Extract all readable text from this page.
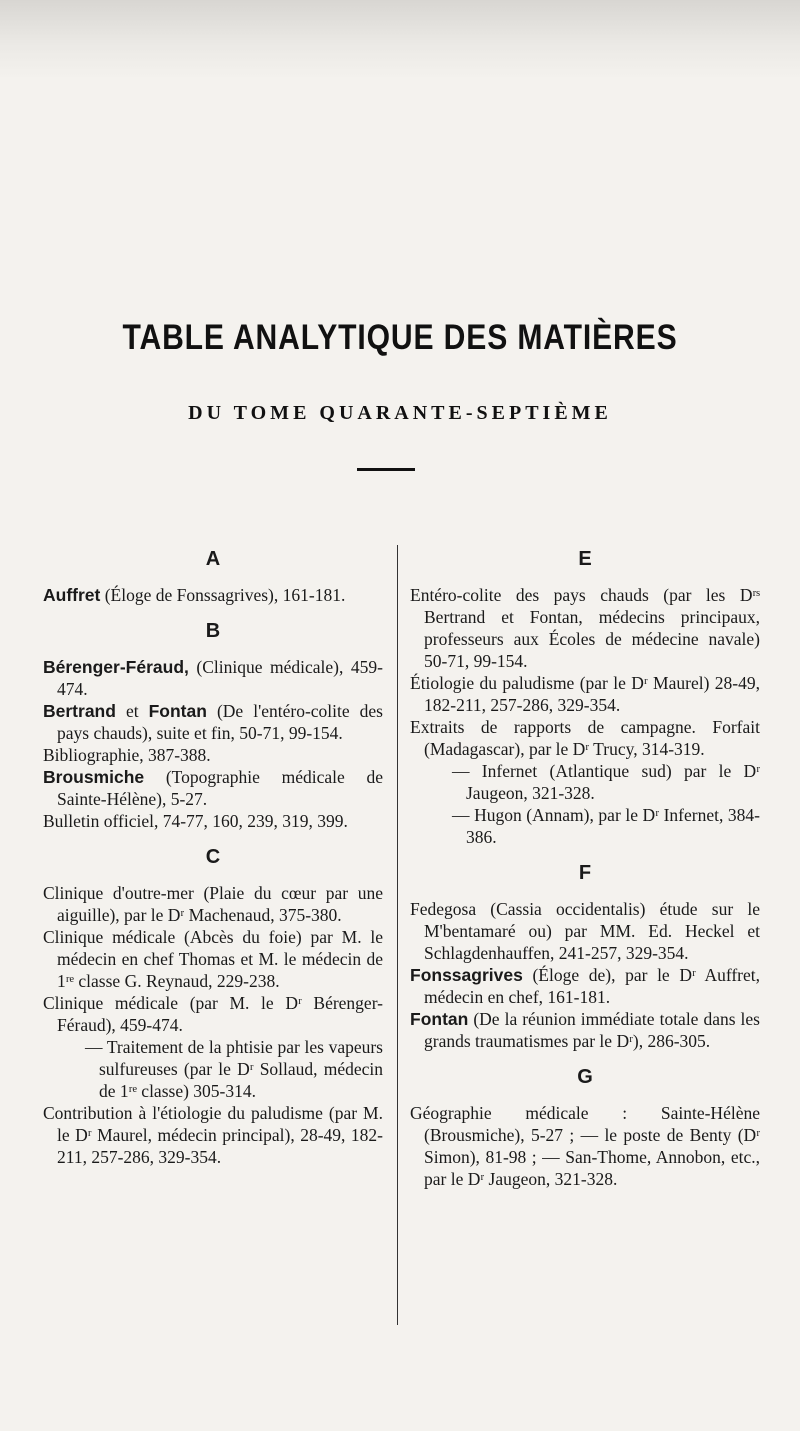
TABLE ANALYTIQUE DES MATIÈRES
DU TOME QUARANTE-SEPTIÈME
A

Auffret (Éloge de Fonssagrives), 161-181.

B

Bérenger-Féraud, (Clinique médicale), 459-474.

Bertrand et Fontan (De l'entéro-colite des pays chauds), suite et fin, 50-71, 99-154.

Bibliographie, 387-388.

Brousmiche (Topographie médicale de Sainte-Hélène), 5-27.

Bulletin officiel, 74-77, 160, 239, 319, 399.

C

Clinique d'outre-mer (Plaie du cœur par une aiguille), par le Dʳ Machenaud, 375-380.

Clinique médicale (Abcès du foie) par M. le médecin en chef Thomas et M. le médecin de 1ʳᵉ classe G. Reynaud, 229-238.

Clinique médicale (par M. le Dʳ Bérenger-Féraud), 459-474.

— Traitement de la phtisie par les vapeurs sulfureuses (par le Dʳ Sollaud, médecin de 1ʳᵉ classe) 305-314.

Contribution à l'étiologie du paludisme (par M. le Dʳ Maurel, médecin principal), 28-49, 182-211, 257-286, 329-354.

E

Entéro-colite des pays chauds (par les Dʳˢ Bertrand et Fontan, médecins principaux, professeurs aux Écoles de médecine navale) 50-71, 99-154.

Étiologie du paludisme (par le Dʳ Maurel) 28-49, 182-211, 257-286, 329-354.

Extraits de rapports de campagne. Forfait (Madagascar), par le Dʳ Trucy, 314-319.

— Infernet (Atlantique sud) par le Dʳ Jaugeon, 321-328.

— Hugon (Annam), par le Dʳ Infernet, 384-386.

F

Fedegosa (Cassia occidentalis) étude sur le M'bentamaré ou) par MM. Ed. Heckel et Schlagdenhauffen, 241-257, 329-354.

Fonssagrives (Éloge de), par le Dʳ Auffret, médecin en chef, 161-181.

Fontan (De la réunion immédiate totale dans les grands traumatismes par le Dʳ), 286-305.

G

Géographie médicale : Sainte-Hélène (Brousmiche), 5-27 ; — le poste de Benty (Dʳ Simon), 81-98 ; — San-Thome, Annobon, etc., par le Dʳ Jaugeon, 321-328.
